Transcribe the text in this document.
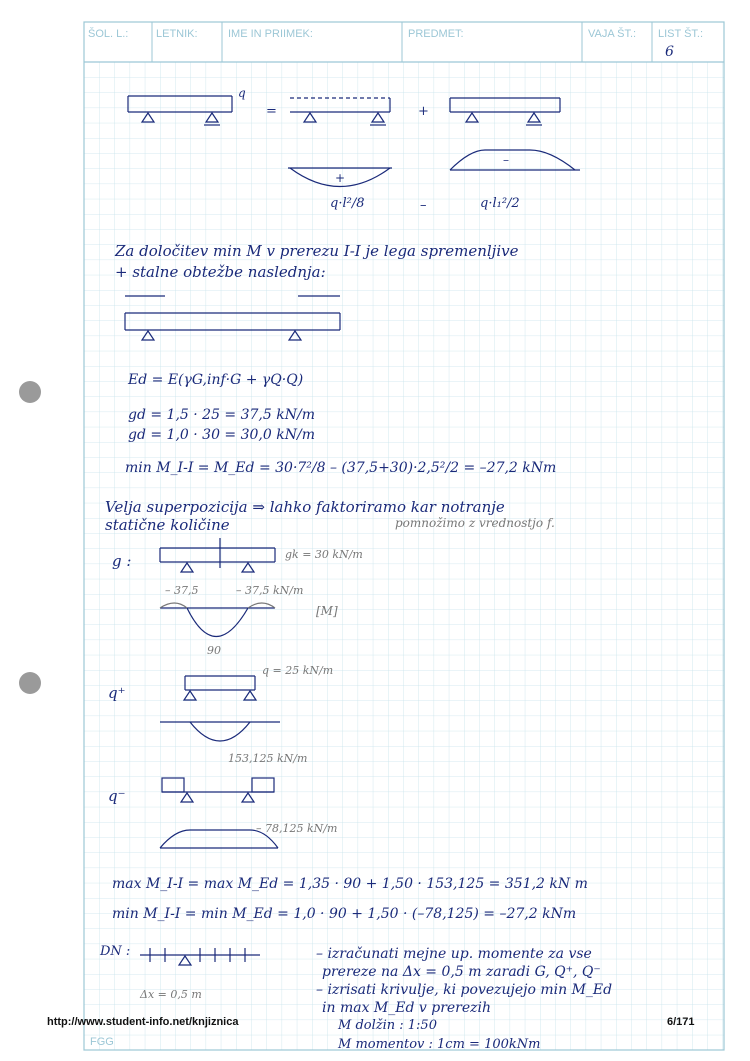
ŠOL. L.:	LETNIK:	IME IN PRIIMEK:	PREDMET:	VAJA ŠT.: LIST ŠT.:
6
q
=	+
+
–
q·l²/8	–	q·l₁²/2
Za določitev min M v prerezu I-I je lega spremenljive
+ stalne obtežbe naslednja:
Ed = E(γG,inf·G + γQ·Q)
gd = 1,5 · 25 = 37,5 kN/m
gd = 1,0 · 30 = 30,0 kN/m
min M_I-I = M_Ed = 30·7²/8 – (37,5+30)·2,5²/2 = –27,2 kNm
Velja superpozicija ⇒ lahko faktoriramo kar notranje
statične količine	pomnožimo z vrednostjo f.
g :	gk = 30 kN/m
– 37,5	– 37,5 kN/m
90
[M]
q⁺
q = 25 kN/m
153,125 kN/m
q⁻
– 78,125 kN/m
max M_I-I = max M_Ed = 1,35 · 90 + 1,50 · 153,125 = 351,2 kN m
min M_I-I = min M_Ed = 1,0 · 90 + 1,50 · (–78,125) = –27,2 kNm
DN :
Δx = 0,5 m
– izračunati mejne up. momente za vse
prereze na Δx = 0,5 m zaradi G, Q⁺, Q⁻
– izrisati krivulje, ki povezujejo min M_Ed
in max M_Ed v prerezih
M dolžin : 1:50
M momentov : 1cm = 100kNm
http://www.student-info.net/knjiznica	6/171
FGG
